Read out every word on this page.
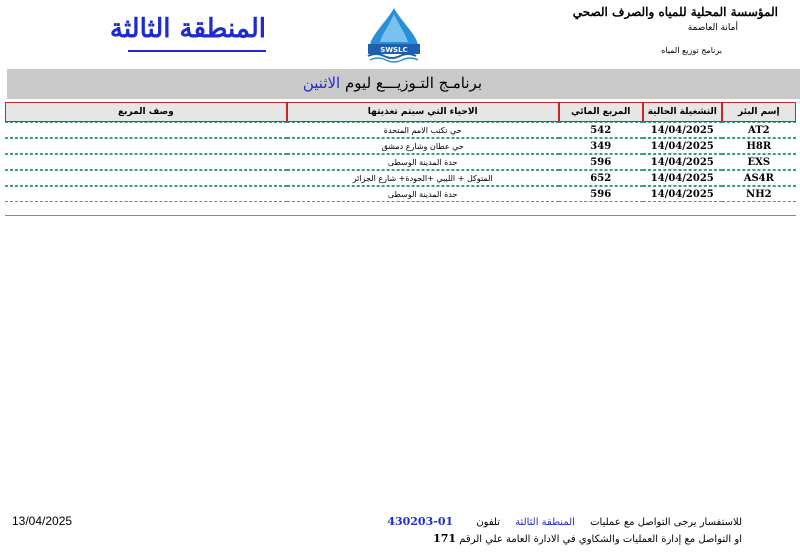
المؤسسة المحلية للمياه والصرف الصحي
أمانة العاصمة
برنامج توزيع المياه
المنطقة الثالثة
SWSLC
برنامـج التـوزيـــع ليوم الاثنين
وصف المربع	الاحياء التي سيتم تغذيتها	المربع المائي	التشغيلة الحالية	إسم البئر
	حي تكتب الامم المتحدة	542	14/04/2025	AT2
	حي عطان وشارع دمشق	349	14/04/2025	H8R
	حدة المدينة الوسطى	596	14/04/2025	EXS
	المتوكل + الليبي +الجودة+ شارع الجزائر	652	14/04/2025	AS4R
	حدة المدينة الوسطى	596	14/04/2025	NH2
13/04/2025	للاستفسار يرجى التواصل مع عمليات المنطقة الثالثة تلفون 01-430203
او التواصل مع إدارة العمليات والشكاوي في الادارة العامة علي الرقم 171
